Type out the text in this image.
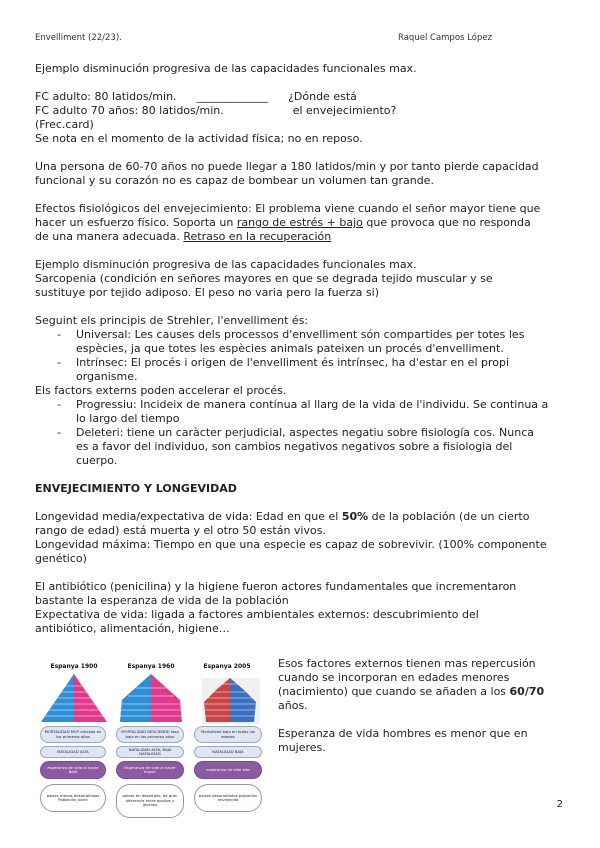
Envelliment (22/23).	Raquel Campos López
Ejemplo disminución progresiva de las capacidades funcionales max.
FC adulto: 80 latidos/min. _____________ ¿Dónde está
FC adulto 70 años: 80 latidos/min.	el envejecimiento?
(Frec.card)
Se nota en el momento de la actividad física; no en reposo.
Una persona de 60-70 años no puede llegar a 180 latidos/min y por tanto pierde capacidad
funcional y su corazón no es capaz de bombear un volumen tan grande.
Efectos fisiológicos del envejecimiento: El problema viene cuando el señor mayor tiene que
hacer un esfuerzo físico. Soporta un rango de estrés + bajo que provoca que no responda
de una manera adecuada. Retraso en la recuperación
Ejemplo disminución progresiva de las capacidades funcionales max.
Sarcopenia (condición en señores mayores en que se degrada tejido muscular y se
sustituye por tejido adiposo. El peso no varia pero la fuerza si)
Seguint els principis de Strehler, l'envelliment és:
- Universal: Les causes dels processos d'envelliment són compartides per totes les
espècies, ja que totes les espècies animals pateixen un procés d'envelliment.
- Intrínsec: El procés i origen de l'envelliment és intrínsec, ha d'estar en el propi
organisme.
Els factors externs poden accelerar el procés.
- Progressiu: Incideix de manera contínua al llarg de la vida de l'individu. Se continua a
lo largo del tiempo
- Deleteri: tiene un caràcter perjudicial, aspectes negatiu sobre fisiología cos. Nunca
es a favor del individuo, son cambios negativos negativos sobre a fisiologia del
cuerpo.
ENVEJECIMIENTO Y LONGEVIDAD
Longevidad media/expectativa de vida: Edad en que el 50% de la población (de un cierto
rango de edad) está muerta y el otro 50 están vivos.
Longevidad máxima: Tiempo en que una especie es capaz de sobrevivir. (100% componente
genético)
El antibiótico (penicilina) y la higiene fueron actores fundamentales que incrementaron
bastante la esperanza de vida de la población
Expectativa de vida: ligada a factores ambientales externos: descubrimiento del
antibiótico, alimentación, higiene…
Espanya 1900	Espanya 1960	Espanya 2005
MORTALIDAD MUY elevada en los primeros años
NATALIDAD ALTA
esperanza de vida al nacer BAJA
países menos desarrollados Población joven
MORTALIDAD DESCIENDE tasa baja en los primeros años
NATALIDAD ALTA, BAJA NATALIDAD
Esperanza de vida al nacer mayor
países en desarrollo, de gran diferencia entre adultos y jóvenes
Mortalidad baja en todas las edades
NATALIDAD BAJA
esperanza de vida alta
países desarrollados población envejecida
Esos factores externos tienen mas repercusión
cuando se incorporan en edades menores
(nacimiento) que cuando se añaden a los 60/70
años.
Esperanza de vida hombres es menor que en
mujeres.
2
